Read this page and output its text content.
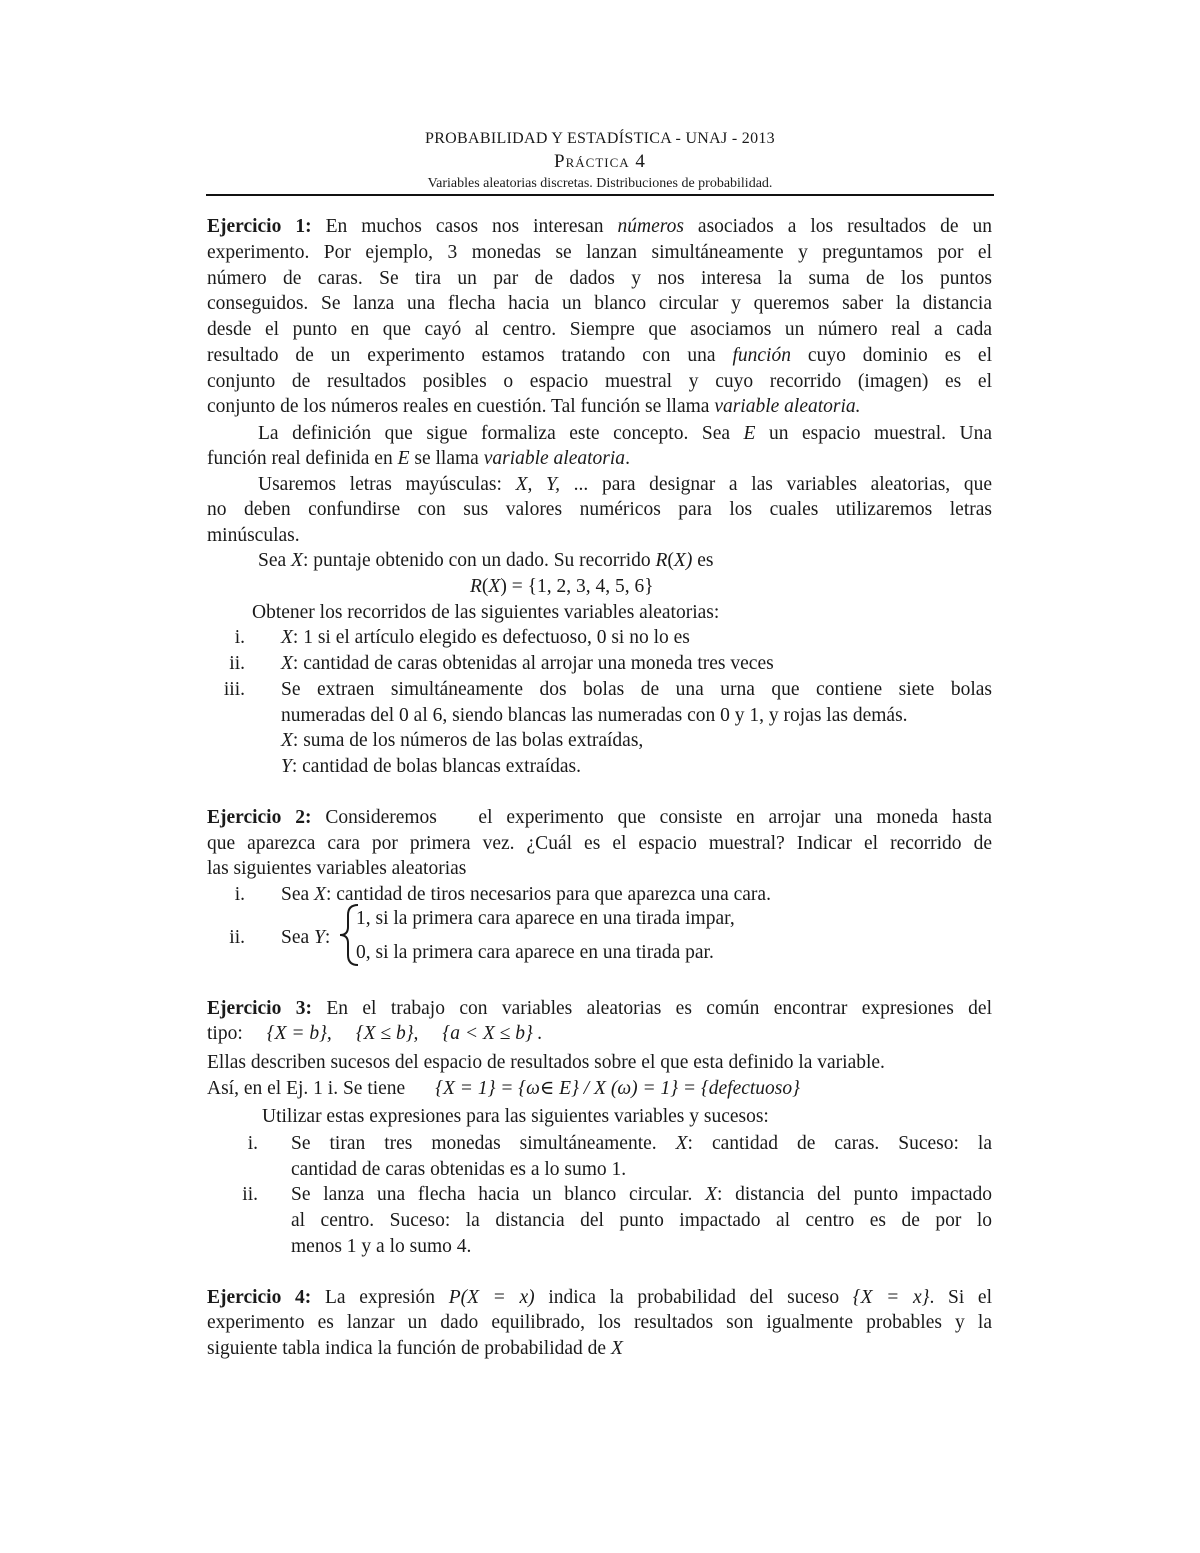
PROBABILIDAD Y ESTADÍSTICA - UNAJ - 2013
Práctica 4
Variables aleatorias discretas. Distribuciones de probabilidad.
Ejercicio 1: En muchos casos nos interesan números asociados a los resultados de un
experimento. Por ejemplo, 3 monedas se lanzan simultáneamente y preguntamos por el
número de caras. Se tira un par de dados y nos interesa la suma de los puntos
conseguidos. Se lanza una flecha hacia un blanco circular y queremos saber la distancia
desde el punto en que cayó al centro. Siempre que asociamos un número real a cada
resultado de un experimento estamos tratando con una función cuyo dominio es el
conjunto de resultados posibles o espacio muestral y cuyo recorrido (imagen) es el
conjunto de los números reales en cuestión. Tal función se llama variable aleatoria.
La definición que sigue formaliza este concepto. Sea E un espacio muestral. Una
función real definida en E se llama variable aleatoria.
Usaremos letras mayúsculas: X, Y, ... para designar a las variables aleatorias, que
no deben confundirse con sus valores numéricos para los cuales utilizaremos letras
minúsculas.
Sea X: puntaje obtenido con un dado. Su recorrido R(X) es
R(X) = {1, 2, 3, 4, 5, 6}
Obtener los recorridos de las siguientes variables aleatorias:
i. X: 1 si el artículo elegido es defectuoso, 0 si no lo es
ii. X: cantidad de caras obtenidas al arrojar una moneda tres veces
iii. Se extraen simultáneamente dos bolas de una urna que contiene siete bolas
numeradas del 0 al 6, siendo blancas las numeradas con 0 y 1, y rojas las demás.
X: suma de los números de las bolas extraídas,
Y: cantidad de bolas blancas extraídas.
Ejercicio 2: Consideremos   el experimento que consiste en arrojar una moneda hasta
que aparezca cara por primera vez. ¿Cuál es el espacio muestral? Indicar el recorrido de
las siguientes variables aleatorias
i. Sea X: cantidad de tiros necesarios para que aparezca una cara.
ii. Sea Y:
1, si la primera cara aparece en una tirada impar,
0, si la primera cara aparece en una tirada par.
Ejercicio 3: En el trabajo con variables aleatorias es común encontrar expresiones del
tipo: {X = b}, {X ≤ b}, {a < X ≤ b} .
Ellas describen sucesos del espacio de resultados sobre el que esta definido la variable.
Así, en el Ej. 1 i. Se tiene {X = 1} = {ω∈ E} / X (ω) = 1} = {defectuoso}
Utilizar estas expresiones para las siguientes variables y sucesos:
i. Se tiran tres monedas simultáneamente. X: cantidad de caras. Suceso: la
cantidad de caras obtenidas es a lo sumo 1.
ii. Se lanza una flecha hacia un blanco circular. X: distancia del punto impactado
al centro. Suceso: la distancia del punto impactado al centro es de por lo
menos 1 y a lo sumo 4.
Ejercicio 4: La expresión P(X = x) indica la probabilidad del suceso {X = x}. Si el
experimento es lanzar un dado equilibrado, los resultados son igualmente probables y la
siguiente tabla indica la función de probabilidad de X
